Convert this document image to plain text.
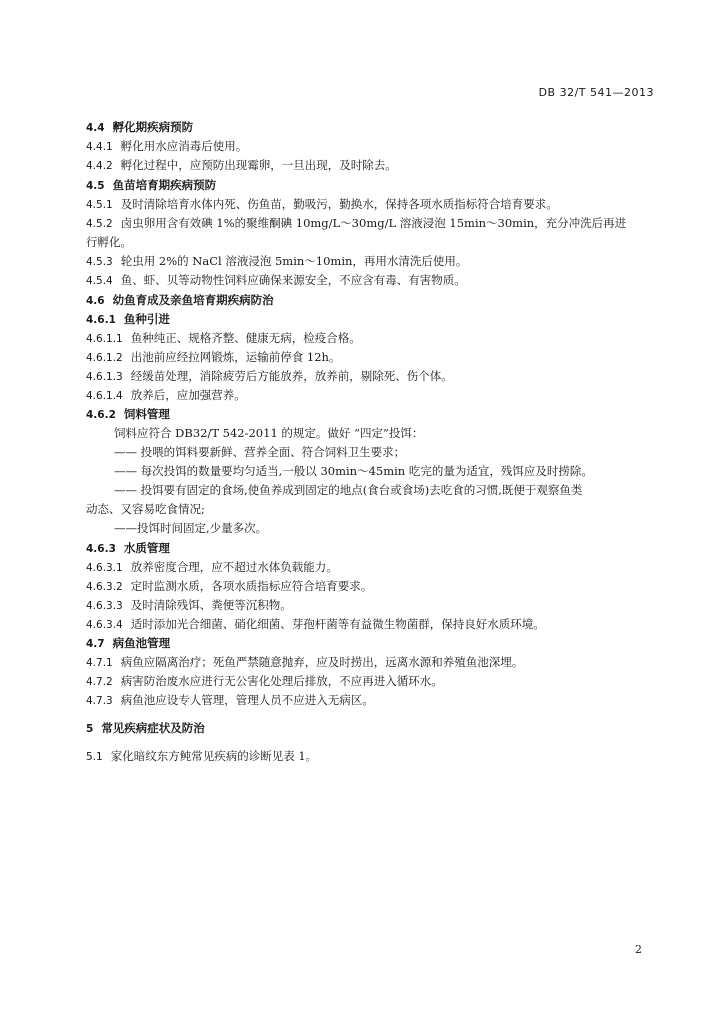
DB 32/T 541—2013
4.4 孵化期疾病预防
4.4.1 孵化用水应消毒后使用。
4.4.2 孵化过程中，应预防出现霉卵，一旦出现，及时除去。
4.5 鱼苗培育期疾病预防
4.5.1 及时清除培育水体内死、伤鱼苗，勤吸污，勤换水，保持各项水质指标符合培育要求。
4.5.2 卤虫卵用含有效碘 1%的聚维酮碘 10mg/L～30mg/L 溶液浸泡 15min～30min，充分冲洗后再进
行孵化。
4.5.3 轮虫用 2%的 NaCl 溶液浸泡 5min～10min，再用水清洗后使用。
4.5.4 鱼、虾、贝等动物性饲料应确保来源安全，不应含有毒、有害物质。
4.6 幼鱼育成及亲鱼培育期疾病防治
4.6.1 鱼种引进
4.6.1.1 鱼种纯正、规格齐整、健康无病，检疫合格。
4.6.1.2 出池前应经拉网锻炼，运输前停食 12h。
4.6.1.3 经缓苗处理，消除疲劳后方能放养，放养前，剔除死、伤个体。
4.6.1.4 放养后，应加强营养。
4.6.2 饲料管理
饲料应符合 DB32/T 542-2011 的规定。做好 “四定”投饵：
—— 投喂的饵料要新鲜、营养全面、符合饲料卫生要求；
—— 每次投饵的数量要均匀适当,一般以 30min～45min 吃完的量为适宜，残饵应及时捞除。
—— 投饵要有固定的食场,使鱼养成到固定的地点(食台或食场)去吃食的习惯,既便于观察鱼类
动态、又容易吃食情况;
——投饵时间固定,少量多次。
4.6.3 水质管理
4.6.3.1 放养密度合理，应不超过水体负载能力。
4.6.3.2 定时监测水质，各项水质指标应符合培育要求。
4.6.3.3 及时清除残饵、粪便等沉积物。
4.6.3.4 适时添加光合细菌、硝化细菌、芽孢杆菌等有益微生物菌群，保持良好水质环境。
4.7 病鱼池管理
4.7.1 病鱼应隔离治疗；死鱼严禁随意抛弃，应及时捞出，远离水源和养殖鱼池深埋。
4.7.2 病害防治废水应进行无公害化处理后排放，不应再进入循环水。
4.7.3 病鱼池应设专人管理，管理人员不应进入无病区。
5 常见疾病症状及防治
5.1 家化暗纹东方鲀常见疾病的诊断见表 1。
2
